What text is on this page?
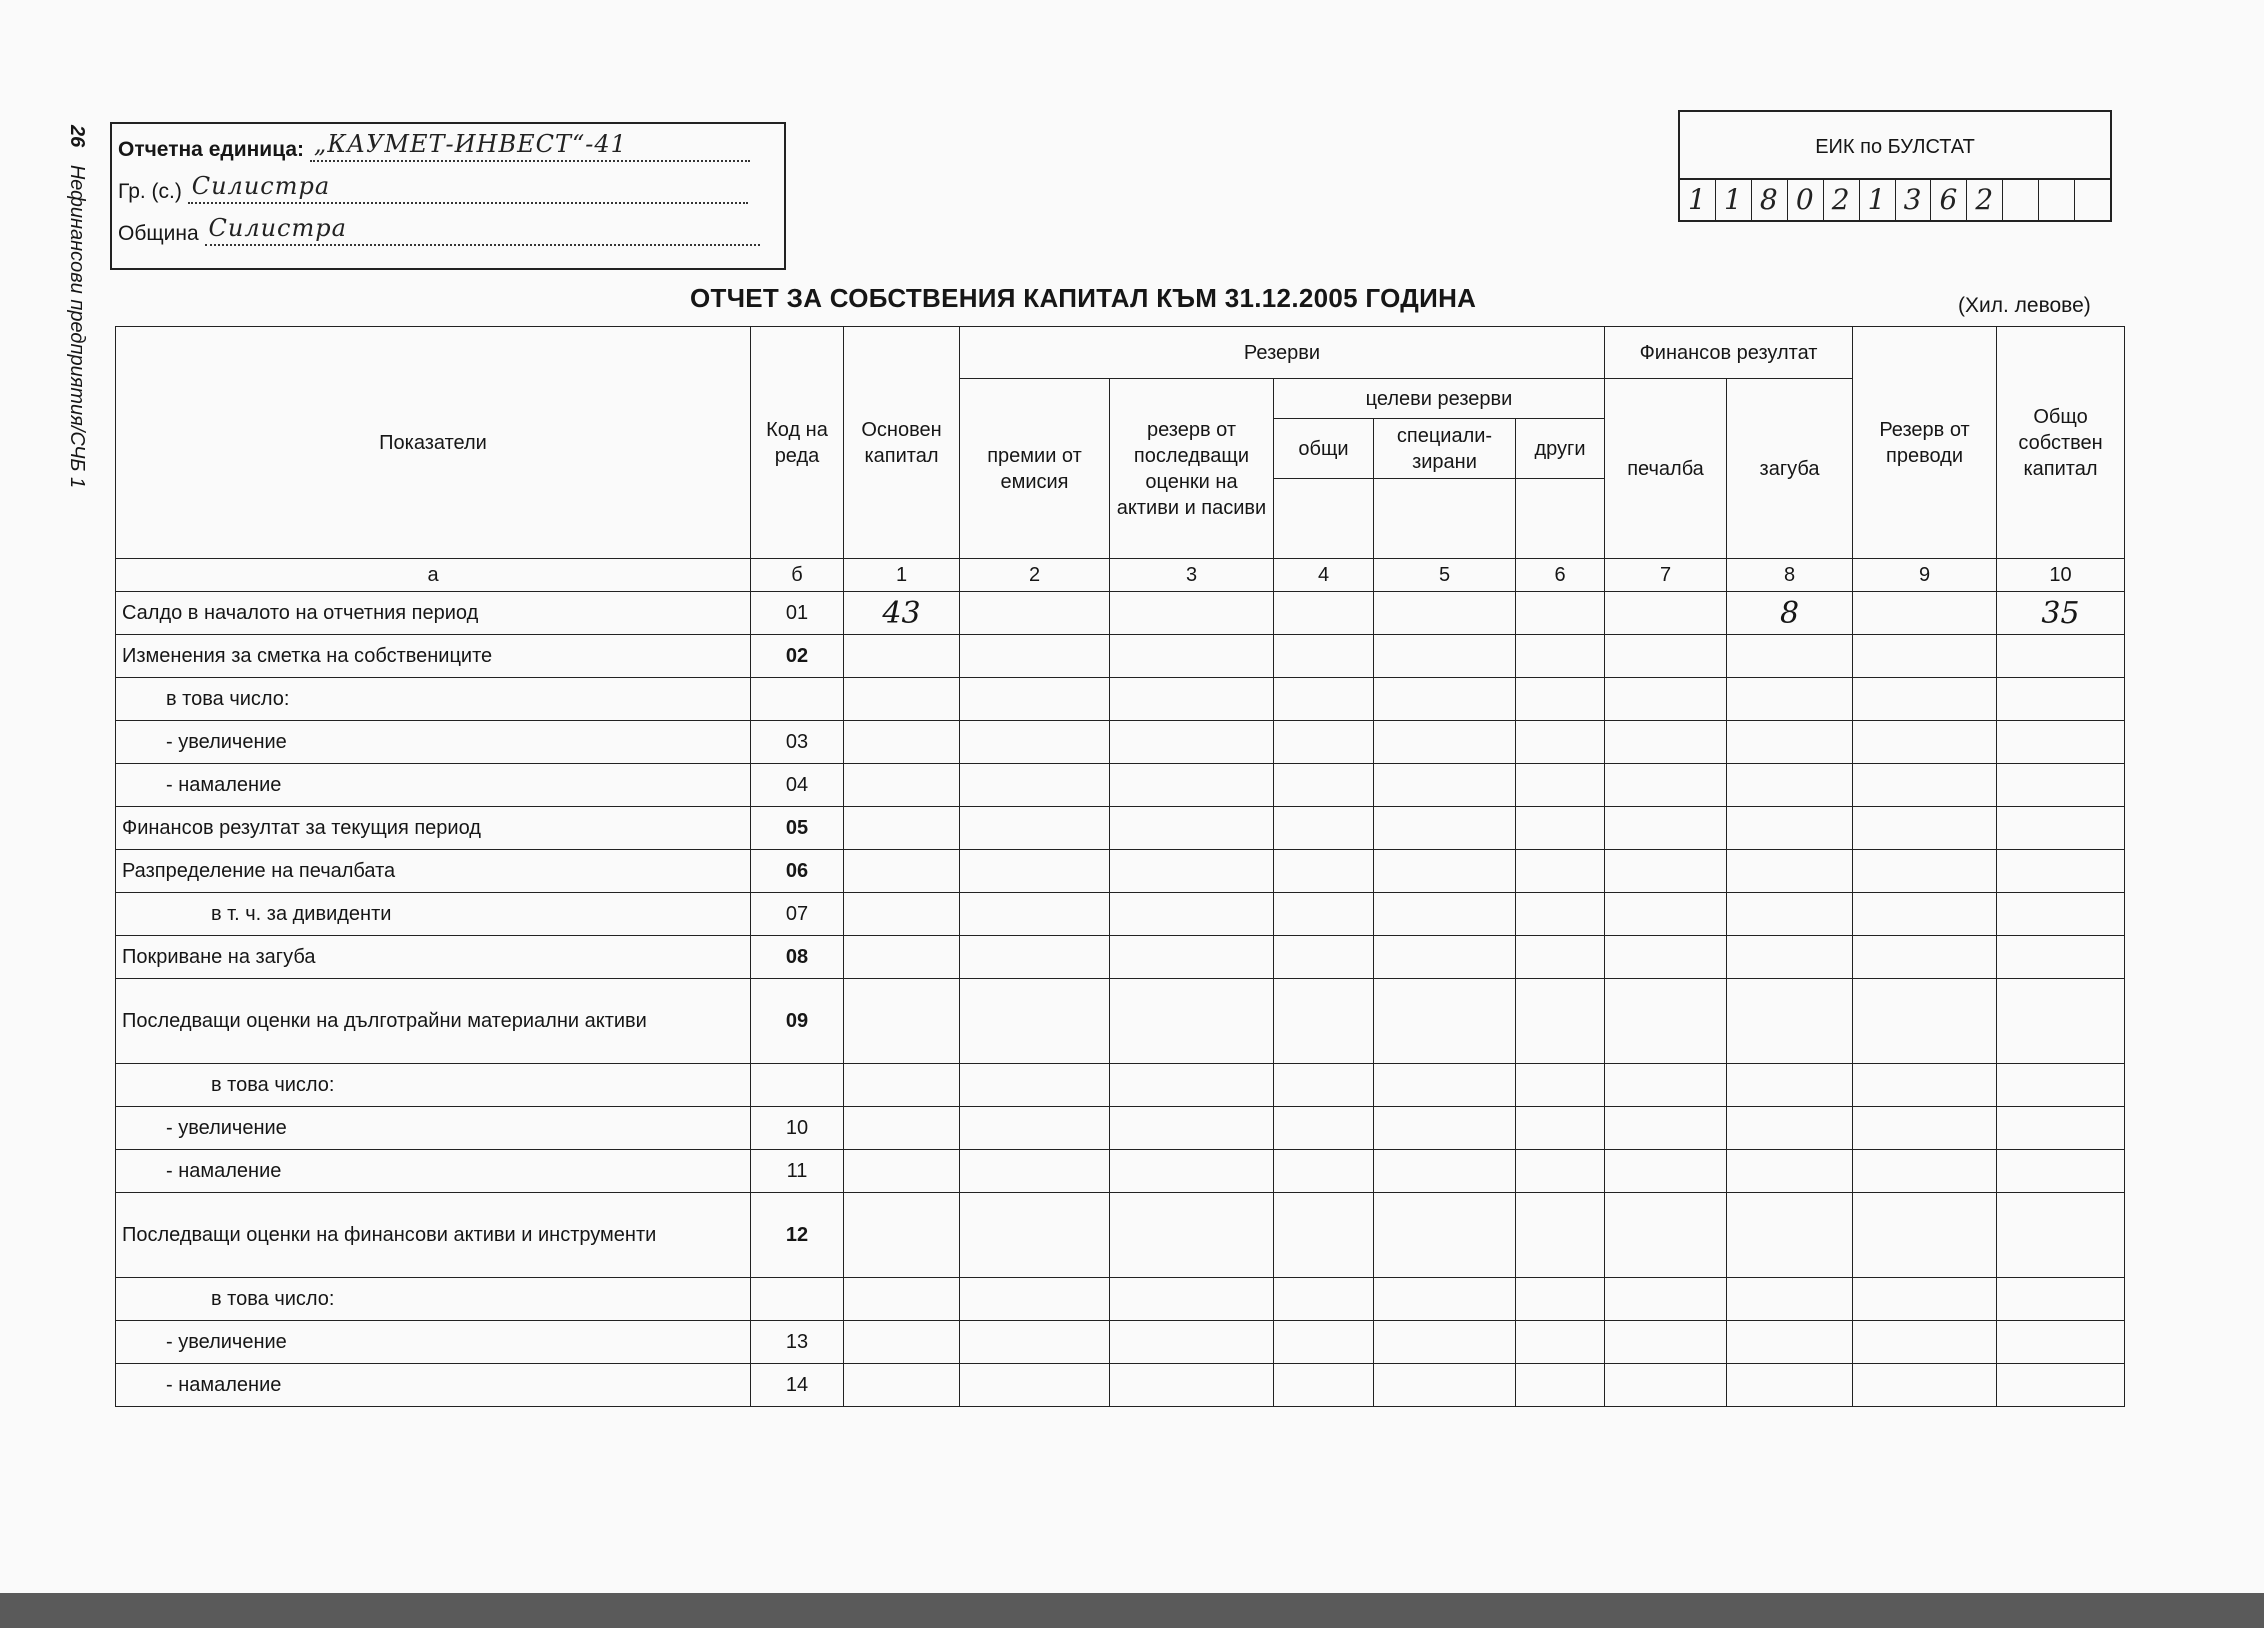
26 Нефинансови предприятия/СЧБ 1
Отчетна единица: „КАУМЕТ-ИНВЕСТ“-41
Гр. (с.) Силистра
Община Силистра
ЕИК по БУЛСТАТ
1 1 8 0 2 1 3 6 2
ОТЧЕТ ЗА СОБСТВЕНИЯ КАПИТАЛ КЪМ 31.12.2005 ГОДИНА	(Хил. левове)
Показатели	Код на реда	Основен капитал	Резерви					Финансов резултат		Резерв от преводи	Общо собствен капитал
			премии от емисия	резерв от последващи оценки на активи и пасиви	целеви резерви			печалба	загуба		
					общи	специали- зирани	други				

а	б	1	2	3	4	5	6	7	8	9	10
Салдо в началото на отчетния период	01	43							8		35
Изменения за сметка на собствениците	02										
в това число:											
- увеличение	03										
- намаление	04										
Финансов резултат за текущия период	05										
Разпределение на печалбата	06										
в т. ч. за дивиденти	07										
Покриване на загуба	08										
Последващи оценки на дълготрайни материални активи	09										
в това число:											
- увеличение	10										
- намаление	11										
Последващи оценки на финансови активи и инструменти	12										
в това число:											
- увеличение	13										
- намаление	14										
